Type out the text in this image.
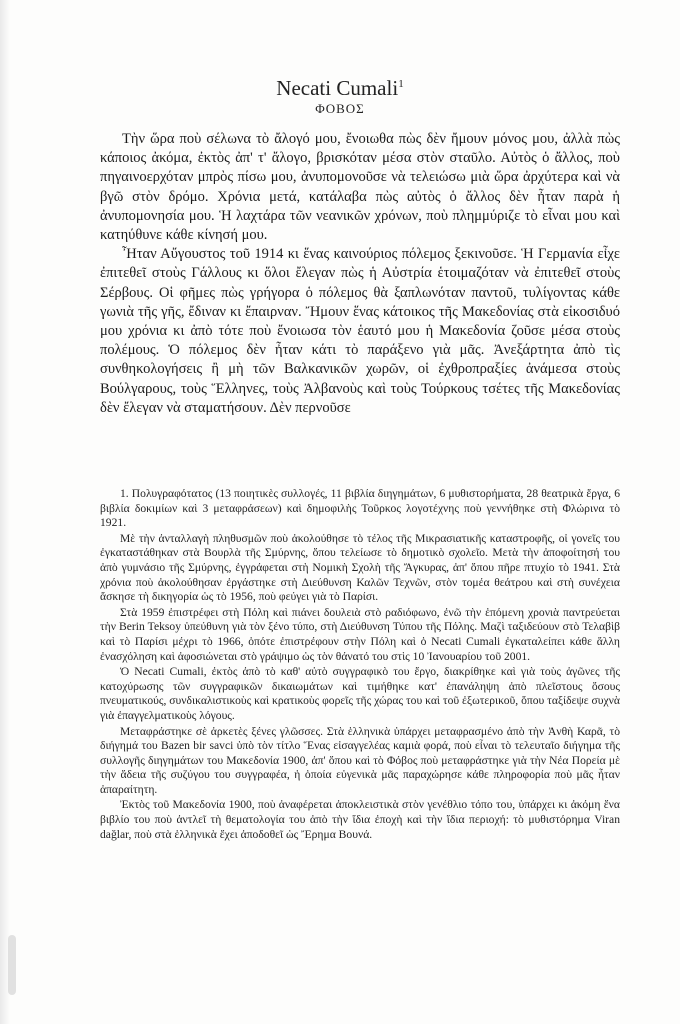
Necati Cumali$^1$
ΦΟΒΟΣ

Τὴν ὥρα ποὺ σέλωνα τὸ ἄλογό μου, ἔνοιωθα πὼς δὲν ἤμουν μόνος μου, ἀλλὰ πὼς κάποιος ἀκόμα, ἐκτὸς ἀπ' τ' ἄλογο, βρισκόταν μέσα στὸν σταῦλο. Αὐτὸς ὁ ἄλλος, ποὺ πηγαινοερχόταν μπρὸς πίσω μου, ἀνυπομονοῦσε νὰ τελειώσω μιὰ ὥρα ἀρχύτερα καὶ νὰ βγῶ στὸν δρόμο. Χρόνια μετά, κατάλαβα πὼς αὐτὸς ὁ ἄλλος δὲν ἦταν παρὰ ἡ ἀνυπομονησία μου. Ἡ λαχτάρα τῶν νεανικῶν χρόνων, ποὺ πλημμύριζε τὸ εἶναι μου καὶ κατηύθυνε κάθε κίνησή μου.

Ἦταν Αὔγουστος τοῦ 1914 κι ἕνας καινούριος πόλεμος ξεκινοῦσε. Ἡ Γερμανία εἶχε ἐπιτεθεῖ στοὺς Γάλλους κι ὅλοι ἔλεγαν πὼς ἡ Αὐστρία ἑτοιμαζόταν νὰ ἐπιτεθεῖ στοὺς Σέρβους. Οἱ φῆμες πὼς γρήγορα ὁ πόλεμος θὰ ξαπλωνόταν παντοῦ, τυλίγοντας κάθε γωνιὰ τῆς γῆς, ἔδιναν κι ἔπαιρναν. Ἤμουν ἕνας κάτοικος τῆς Μακεδονίας στὰ εἰκοσιδυό μου χρόνια κι ἀπὸ τότε ποὺ ἔνοιωσα τὸν ἑαυτό μου ἡ Μακεδονία ζοῦσε μέσα στοὺς πολέμους. Ὁ πόλεμος δὲν ἦταν κάτι τὸ παράξενο γιὰ μᾶς. Ἀνεξάρτητα ἀπὸ τὶς συνθηκολογήσεις ἢ μὴ τῶν Βαλκανικῶν χωρῶν, οἱ ἐχθροπραξίες ἀνάμεσα στοὺς Βούλγαρους, τοὺς Ἕλληνες, τοὺς Ἀλβανοὺς καὶ τοὺς Τούρκους τσέτες τῆς Μακεδονίας δὲν ἔλεγαν νὰ σταματήσουν. Δὲν περνοῦσε

1. Πολυγραφότατος (13 ποιητικὲς συλλογές, 11 βιβλία διηγημάτων, 6 μυθιστορήματα, 28 θεατρικὰ ἔργα, 6 βιβλία δοκιμίων καὶ 3 μεταφράσεων) καὶ δημοφιλὴς Τοῦρκος λογοτέχνης ποὺ γεννήθηκε στὴ Φλώρινα τὸ 1921.

Μὲ τὴν ἀνταλλαγὴ πληθυσμῶν ποὺ ἀκολούθησε τὸ τέλος τῆς Μικρασιατικῆς καταστροφῆς, οἱ γονεῖς του ἐγκαταστάθηκαν στὰ Βουρλὰ τῆς Σμύρνης, ὅπου τελείωσε τὸ δημοτικὸ σχολεῖο. Μετὰ τὴν ἀποφοίτησή του ἀπὸ γυμνάσιο τῆς Σμύρνης, ἐγγράφεται στὴ Νομικὴ Σχολὴ τῆς Ἄγκυρας, ἀπ' ὅπου πῆρε πτυχίο τὸ 1941. Στὰ χρόνια ποὺ ἀκολούθησαν ἐργάστηκε στὴ Διεύθυνση Καλῶν Τεχνῶν, στὸν τομέα θεάτρου καὶ στὴ συνέχεια ἄσκησε τὴ δικηγορία ὡς τὸ 1956, ποὺ φεύγει γιὰ τὸ Παρίσι.

Στὰ 1959 ἐπιστρέφει στὴ Πόλη καὶ πιάνει δουλειὰ στὸ ραδιόφωνο, ἐνῶ τὴν ἑπόμενη χρονιὰ παντρεύεται τὴν Berin Teksoy ὑπεύθυνη γιὰ τὸν ξένο τύπο, στὴ Διεύθυνση Τύπου τῆς Πόλης. Μαζὶ ταξιδεύουν στὸ Τελαβὶβ καὶ τὸ Παρίσι μέχρι τὸ 1966, ὁπότε ἐπιστρέφουν στὴν Πόλη καὶ ὁ Necati Cumali ἐγκαταλείπει κάθε ἄλλη ἐνασχόληση καὶ ἀφοσιώνεται στὸ γράψιμο ὡς τὸν θάνατό του στὶς 10 Ἰανουαρίου τοῦ 2001.

Ὁ Necati Cumali, ἐκτὸς ἀπὸ τὸ καθ' αὐτὸ συγγραφικὸ του ἔργο, διακρίθηκε καὶ γιὰ τοὺς ἀγῶνες τῆς κατοχύρωσης τῶν συγγραφικῶν δικαιωμάτων καὶ τιμήθηκε κατ' ἐπανάληψη ἀπὸ πλεῖστους ὅσους πνευματικούς, συνδικαλιστικοὺς καὶ κρατικοὺς φορεῖς τῆς χώρας του καὶ τοῦ ἐξωτερικοῦ, ὅπου ταξίδεψε συχνὰ γιὰ ἐπαγγελματικοὺς λόγους.

Μεταφράστηκε σὲ ἀρκετὲς ξένες γλῶσσες. Στὰ ἑλληνικὰ ὑπάρχει μεταφρασμένο ἀπὸ τὴν Ἀνθὴ Καρᾶ, τὸ διήγημά του Bazen bir savci ὑπὸ τὸν τίτλο Ἕνας εἰσαγγελέας καμιὰ φορά, ποὺ εἶναι τὸ τελευταῖο διήγημα τῆς συλλογῆς διηγημάτων του Μακεδονία 1900, ἀπ' ὅπου καὶ τὸ Φόβος ποὺ μεταφράστηκε γιὰ τὴν Νέα Πορεία μὲ τὴν ἄδεια τῆς συζύγου του συγγραφέα, ἡ ὁποία εὐγενικὰ μᾶς παραχώρησε κάθε πληροφορία ποὺ μᾶς ἦταν ἀπαραίτητη.

Ἐκτὸς τοῦ Μακεδονία 1900, ποὺ ἀναφέρεται ἀποκλειστικὰ στὸν γενέθλιο τόπο του, ὑπάρχει κι ἀκόμη ἕνα βιβλίο του ποὺ ἀντλεῖ τὴ θεματολογία του ἀπὸ τὴν ἴδια ἐποχὴ καὶ τὴν ἴδια περιοχή: τὸ μυθιστόρημα Viran dağlar, ποὺ στὰ ἑλληνικὰ ἔχει ἀποδοθεῖ ὡς Ἔρημα Βουνά.
